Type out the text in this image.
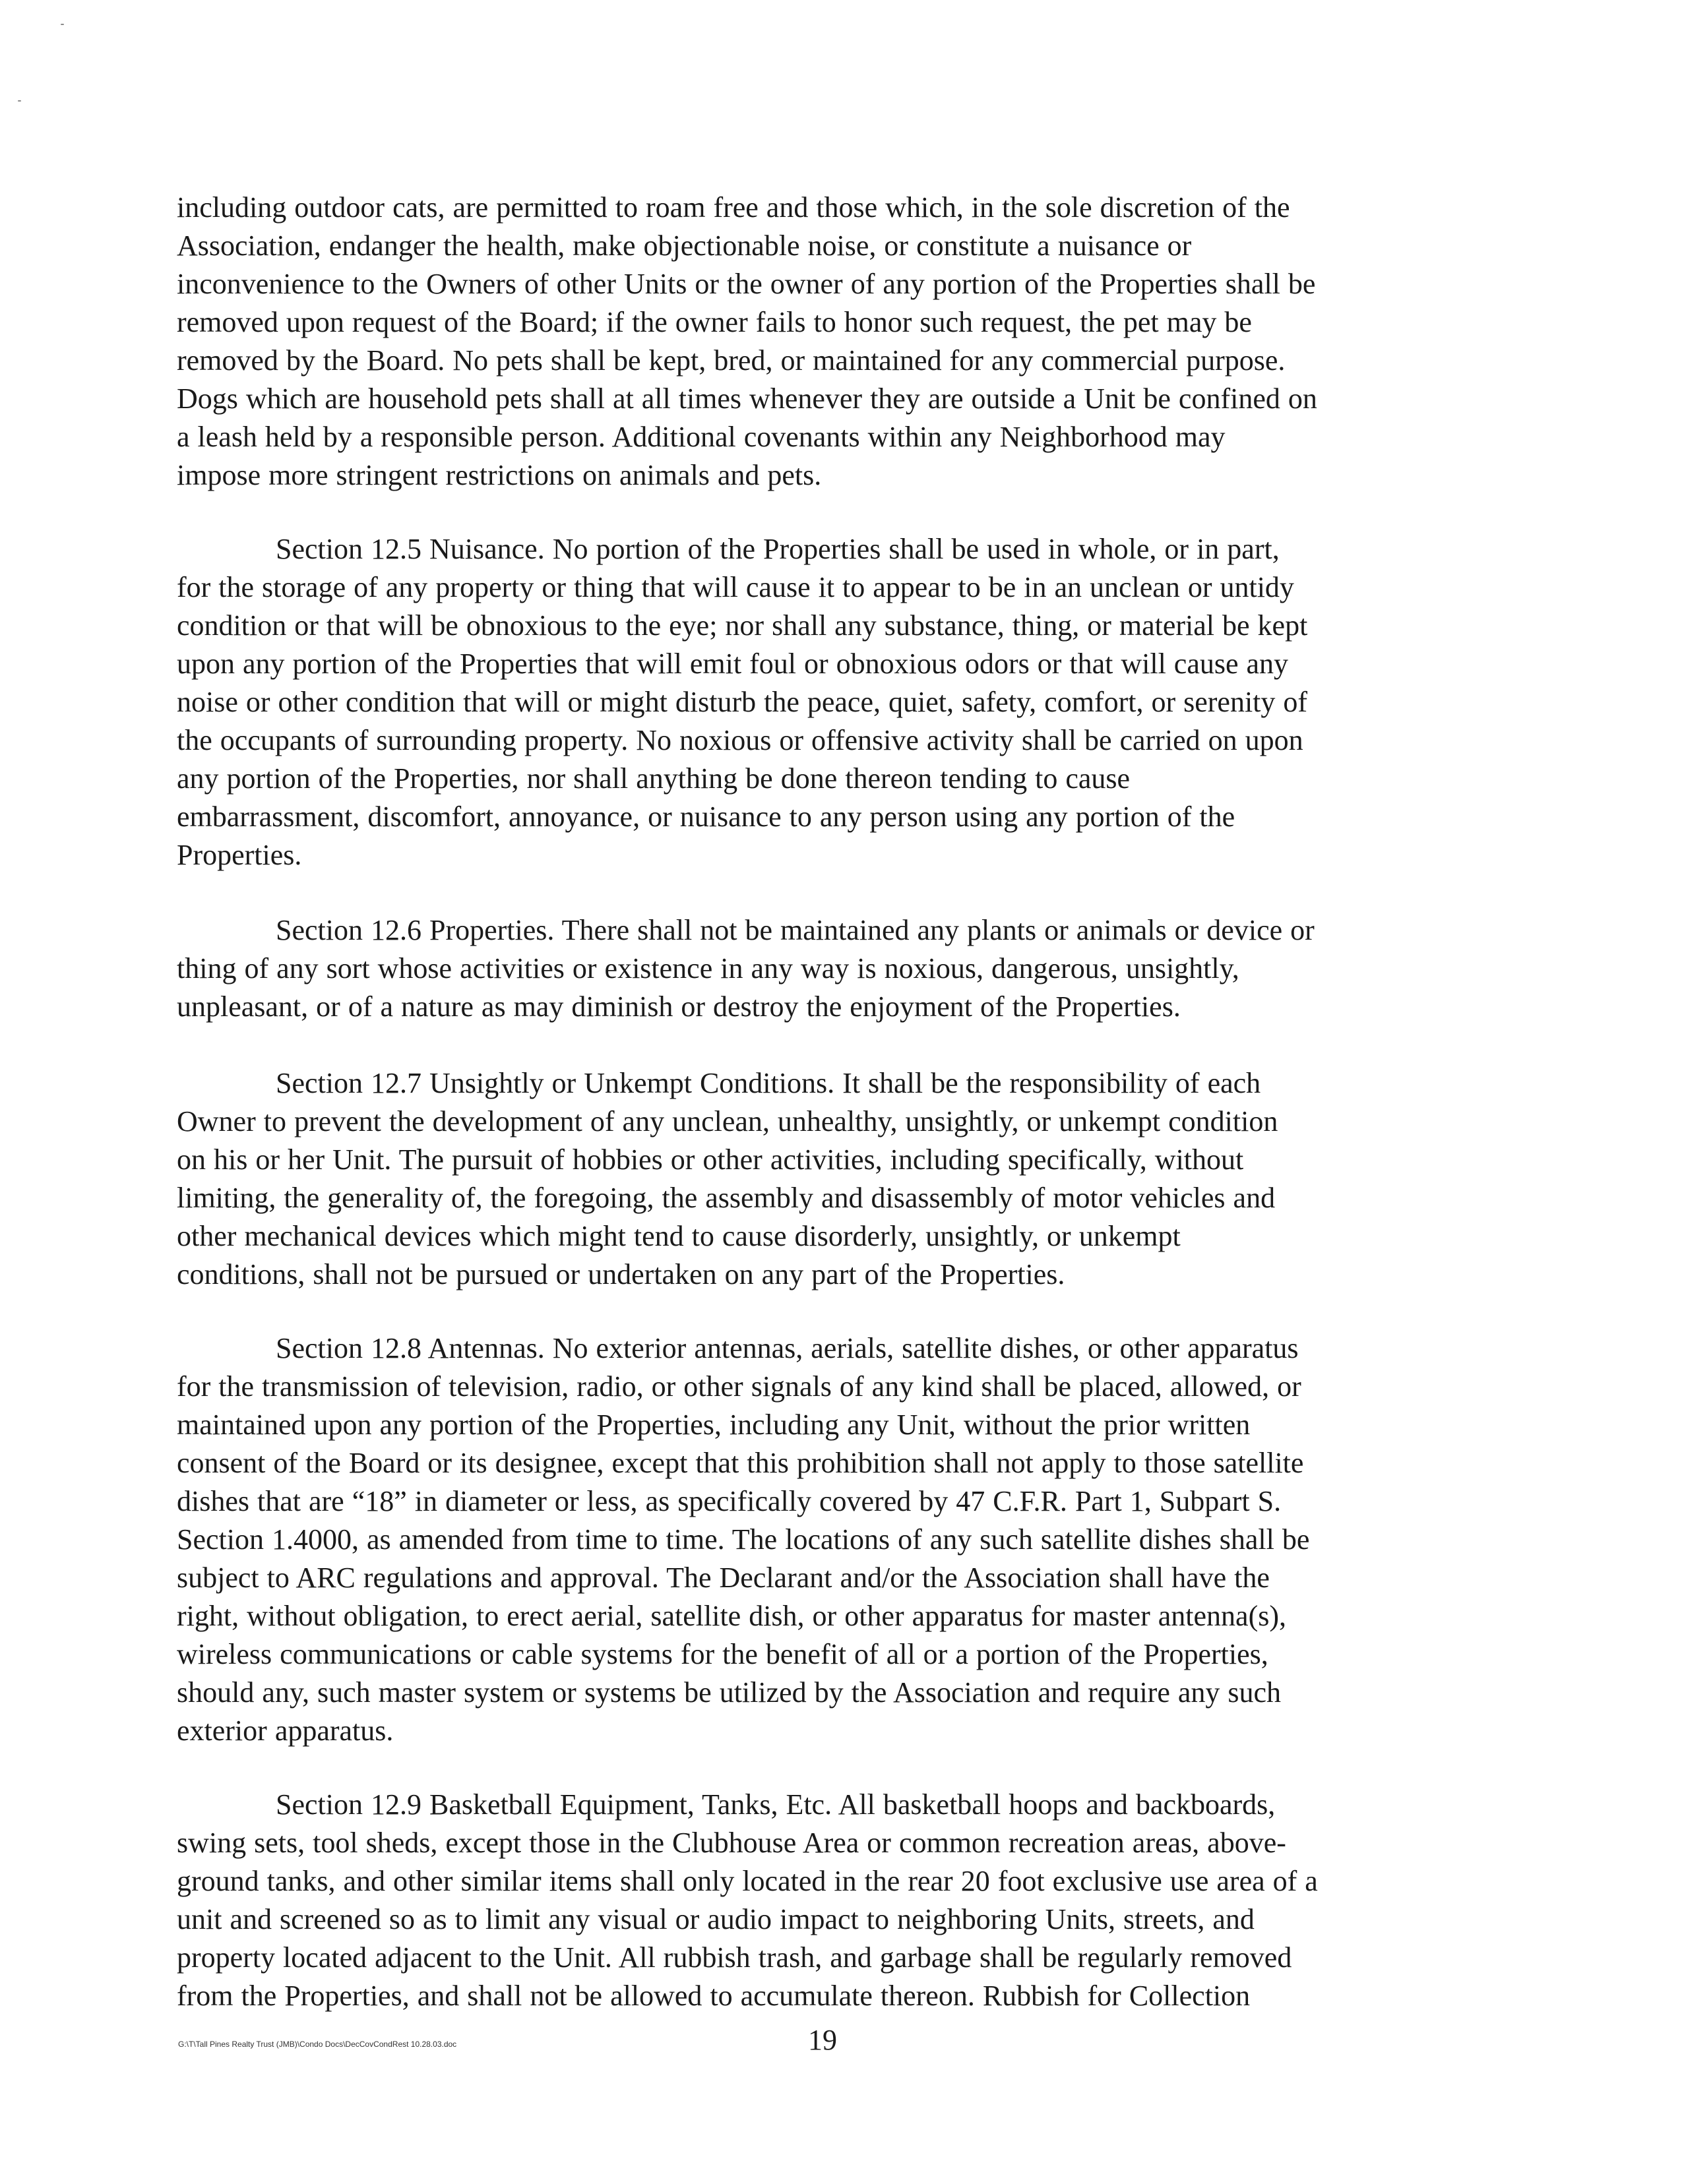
including outdoor cats, are permitted to roam free and those which, in the sole discretion of the
Association, endanger the health, make objectionable noise, or constitute a nuisance or
inconvenience to the Owners of other Units or the owner of any portion of the Properties shall be
removed upon request of the Board; if the owner fails to honor such request, the pet may be
removed by the Board. No pets shall be kept, bred, or maintained for any commercial purpose.
Dogs which are household pets shall at all times whenever they are outside a Unit be confined on
a leash held by a responsible person. Additional covenants within any Neighborhood may
impose more stringent restrictions on animals and pets.

Section 12.5 Nuisance. No portion of the Properties shall be used in whole, or in part,
for the storage of any property or thing that will cause it to appear to be in an unclean or untidy
condition or that will be obnoxious to the eye; nor shall any substance, thing, or material be kept
upon any portion of the Properties that will emit foul or obnoxious odors or that will cause any
noise or other condition that will or might disturb the peace, quiet, safety, comfort, or serenity of
the occupants of surrounding property. No noxious or offensive activity shall be carried on upon
any portion of the Properties, nor shall anything be done thereon tending to cause
embarrassment, discomfort, annoyance, or nuisance to any person using any portion of the
Properties.

Section 12.6 Properties. There shall not be maintained any plants or animals or device or
thing of any sort whose activities or existence in any way is noxious, dangerous, unsightly,
unpleasant, or of a nature as may diminish or destroy the enjoyment of the Properties.

Section 12.7 Unsightly or Unkempt Conditions. It shall be the responsibility of each
Owner to prevent the development of any unclean, unhealthy, unsightly, or unkempt condition
on his or her Unit. The pursuit of hobbies or other activities, including specifically, without
limiting, the generality of, the foregoing, the assembly and disassembly of motor vehicles and
other mechanical devices which might tend to cause disorderly, unsightly, or unkempt
conditions, shall not be pursued or undertaken on any part of the Properties.

Section 12.8 Antennas. No exterior antennas, aerials, satellite dishes, or other apparatus
for the transmission of television, radio, or other signals of any kind shall be placed, allowed, or
maintained upon any portion of the Properties, including any Unit, without the prior written
consent of the Board or its designee, except that this prohibition shall not apply to those satellite
dishes that are “18” in diameter or less, as specifically covered by 47 C.F.R. Part 1, Subpart S.
Section 1.4000, as amended from time to time. The locations of any such satellite dishes shall be
subject to ARC regulations and approval. The Declarant and/or the Association shall have the
right, without obligation, to erect aerial, satellite dish, or other apparatus for master antenna(s),
wireless communications or cable systems for the benefit of all or a portion of the Properties,
should any, such master system or systems be utilized by the Association and require any such
exterior apparatus.

Section 12.9 Basketball Equipment, Tanks, Etc. All basketball hoops and backboards,
swing sets, tool sheds, except those in the Clubhouse Area or common recreation areas, above-
ground tanks, and other similar items shall only located in the rear 20 foot exclusive use area of a
unit and screened so as to limit any visual or audio impact to neighboring Units, streets, and
property located adjacent to the Unit. All rubbish trash, and garbage shall be regularly removed
from the Properties, and shall not be allowed to accumulate thereon. Rubbish for Collection

G:\T\Tall Pines Realty Trust (JMB)\Condo Docs\DecCovCondRest 10.28.03.doc	19
